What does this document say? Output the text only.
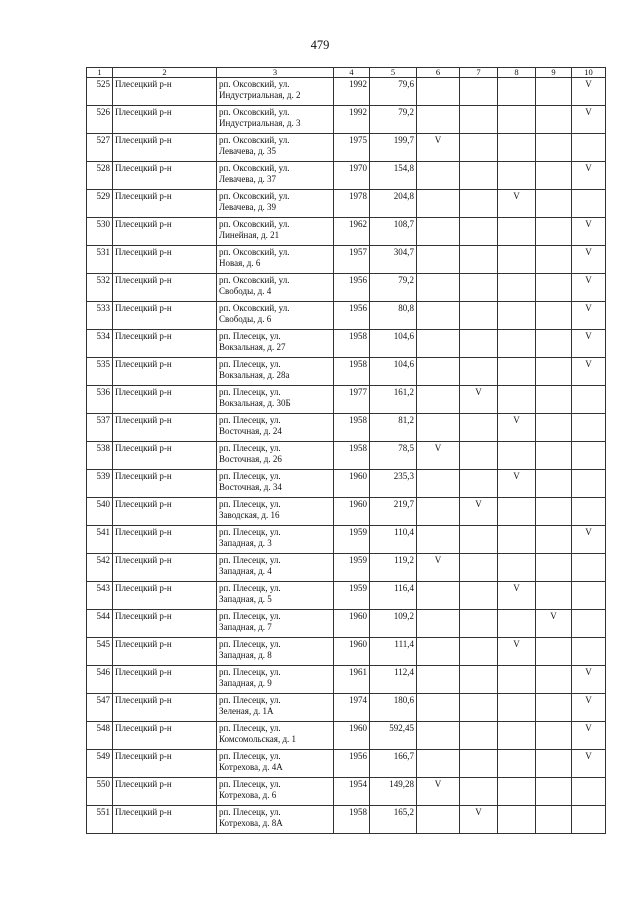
479
1	2	3	4	5	6	7	8	9	10
525	Плесецкий р-н	рп. Оксовский, ул.
Индустриальная, д. 2	1992	79,6					V
526	Плесецкий р-н	рп. Оксовский, ул.
Индустриальная, д. 3	1992	79,2					V
527	Плесецкий р-н	рп. Оксовский, ул.
Левачева, д. 35	1975	199,7	V				
528	Плесецкий р-н	рп. Оксовский, ул.
Левачева, д. 37	1970	154,8					V
529	Плесецкий р-н	рп. Оксовский, ул.
Левачева, д. 39	1978	204,8			V		
530	Плесецкий р-н	рп. Оксовский, ул.
Линейная, д. 21	1962	108,7					V
531	Плесецкий р-н	рп. Оксовский, ул.
Новая, д. 6	1957	304,7					V
532	Плесецкий р-н	рп. Оксовский, ул.
Свободы, д. 4	1956	79,2					V
533	Плесецкий р-н	рп. Оксовский, ул.
Свободы, д. 6	1956	80,8					V
534	Плесецкий р-н	рп. Плесецк, ул.
Вокзальная, д. 27	1958	104,6					V
535	Плесецкий р-н	рп. Плесецк, ул.
Вокзальная, д. 28а	1958	104,6					V
536	Плесецкий р-н	рп. Плесецк, ул.
Вокзальная, д. 30Б	1977	161,2		V			
537	Плесецкий р-н	рп. Плесецк, ул.
Восточная, д. 24	1958	81,2			V		
538	Плесецкий р-н	рп. Плесецк, ул.
Восточная, д. 26	1958	78,5	V				
539	Плесецкий р-н	рп. Плесецк, ул.
Восточная, д. 34	1960	235,3			V		
540	Плесецкий р-н	рп. Плесецк, ул.
Заводская, д. 16	1960	219,7		V			
541	Плесецкий р-н	рп. Плесецк, ул.
Западная, д. 3	1959	110,4					V
542	Плесецкий р-н	рп. Плесецк, ул.
Западная, д. 4	1959	119,2	V				
543	Плесецкий р-н	рп. Плесецк, ул.
Западная, д. 5	1959	116,4			V		
544	Плесецкий р-н	рп. Плесецк, ул.
Западная, д. 7	1960	109,2				V	
545	Плесецкий р-н	рп. Плесецк, ул.
Западная, д. 8	1960	111,4			V		
546	Плесецкий р-н	рп. Плесецк, ул.
Западная, д. 9	1961	112,4					V
547	Плесецкий р-н	рп. Плесецк, ул.
Зеленая, д. 1А	1974	180,6					V
548	Плесецкий р-н	рп. Плесецк, ул.
Комсомольская, д. 1	1960	592,45					V
549	Плесецкий р-н	рп. Плесецк, ул.
Котрехова, д. 4А	1956	166,7					V
550	Плесецкий р-н	рп. Плесецк, ул.
Котрехова, д. 6	1954	149,28	V				
551	Плесецкий р-н	рп. Плесецк, ул.
Котрехова, д. 8А	1958	165,2		V			
